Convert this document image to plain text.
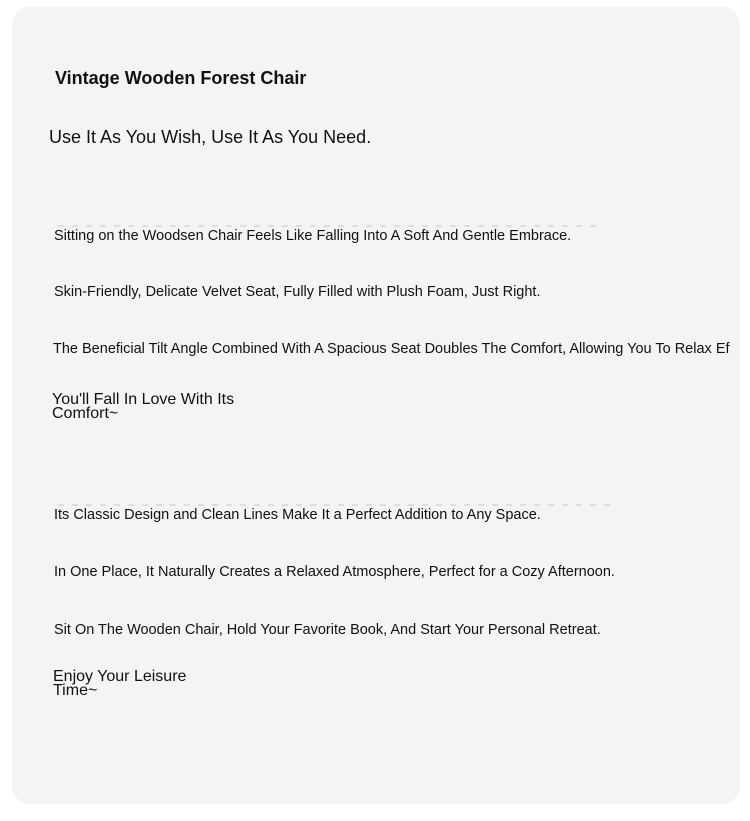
Vintage Wooden Forest Chair
Use It As You Wish, Use It As You Need.
Sitting on the Woodsen Chair Feels Like Falling Into A Soft And Gentle Embrace.
Skin-Friendly, Delicate Velvet Seat, Fully Filled with Plush Foam, Just Right.
The Beneficial Tilt Angle Combined With A Spacious Seat Doubles The Comfort, Allowing You To Relax Ef
You'll Fall In Love With Its Comfort~
Its Classic Design and Clean Lines Make It a Perfect Addition to Any Space.
In One Place, It Naturally Creates a Relaxed Atmosphere, Perfect for a Cozy Afternoon.
Sit On The Wooden Chair, Hold Your Favorite Book, And Start Your Personal Retreat.
Enjoy Your Leisure Time~
